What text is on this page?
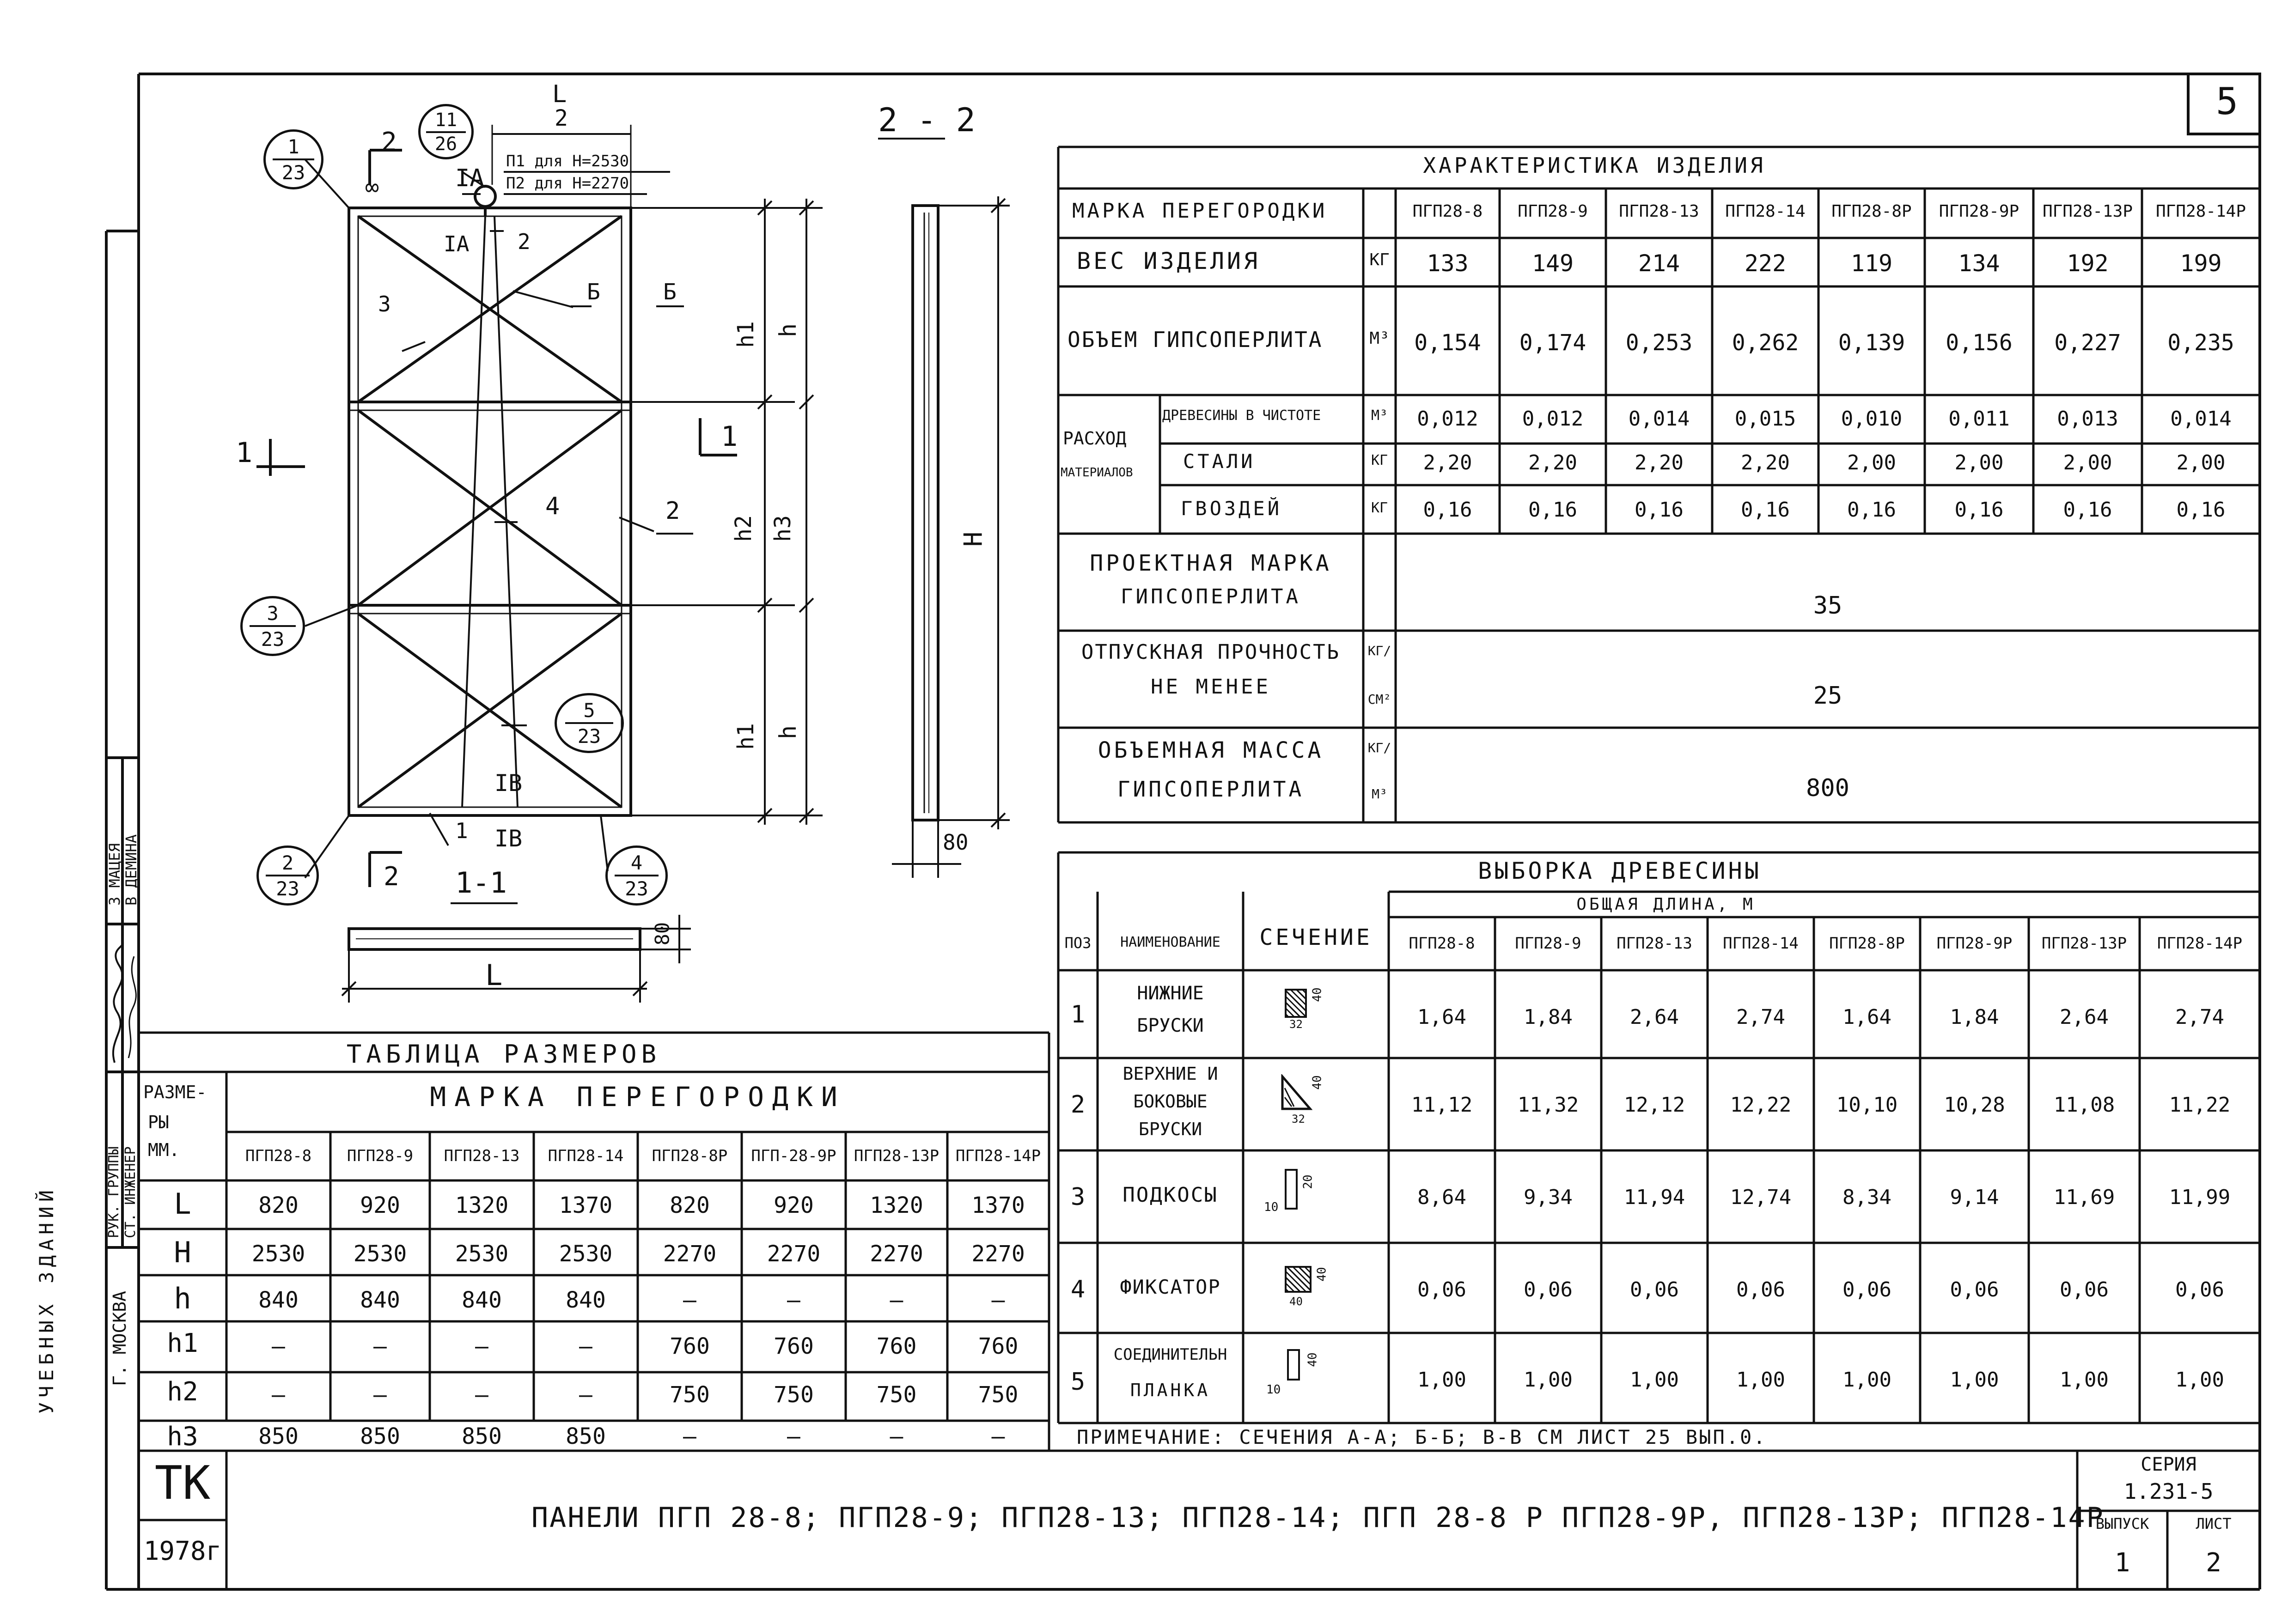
5
2 - 2
1-1
L
2
L
H
h
h
h1
h1
h2 h3
80
80
П1 для Н=2530
П2 для Н=2270
IA
IA
IB
IB
1
2
2
3
4
Б	Б
1	1
2
2
∞
1
23
11
26
3
23
5
23
2
23
4
23
ХАРАКТЕРИСТИКА ИЗДЕЛИЯ
МАРКА ПЕРЕГОРОДКИ	ПГП28-8	ПГП28-9	ПГП28-13	ПГП28-14	ПГП28-8Р	ПГП28-9Р	ПГП28-13Р	ПГП28-14Р
ВЕС ИЗДЕЛИЯ	КГ	133	149	214	222	119	134	192	199
ОБЪЕМ ГИПСОПЕРЛИТА	М³	0,154	0,174	0,253	0,262	0,139	0,156	0,227	0,235
РАСХОД
МАТЕРИАЛОВ
ДРЕВЕСИНЫ В ЧИСТОТЕ	М³	0,012	0,012	0,014	0,015	0,010	0,011	0,013	0,014
СТАЛИ	КГ	2,20	2,20	2,20	2,20	2,00	2,00	2,00	2,00
ГВОЗДЕЙ	КГ	0,16	0,16	0,16	0,16	0,16	0,16	0,16	0,16
ПРОЕКТНАЯ МАРКА
ГИПСОПЕРЛИТА	35
ОТПУСКНАЯ ПРОЧНОСТЬ
НЕ МЕНЕЕ
КГ/
СМ²	25
ОБЪЕМНАЯ МАССА
ГИПСОПЕРЛИТА
КГ/
М³	800
ВЫБОРКА ДРЕВЕСИНЫ
ОБЩАЯ ДЛИНА, М
ПОЗ	НАИМЕНОВАНИЕ	СЕЧЕНИЕ	ПГП28-8	ПГП28-9	ПГП28-13	ПГП28-14	ПГП28-8Р	ПГП28-9Р	ПГП28-13Р	ПГП28-14Р
1
НИЖНИЕ
БРУСКИ
40
32	1,64	1,84	2,64	2,74	1,64	1,84	2,64	2,74
2
ВЕРХНИЕ И
БОКОВЫЕ
БРУСКИ
40
32
11,12	11,32	12,12	12,22	10,10	10,28	11,08	11,22
3	ПОДКОСЫ
20
10	8,64	9,34	11,94	12,74	8,34	9,14	11,69	11,99
4	ФИКСАТОР
40
40	0,06	0,06	0,06	0,06	0,06	0,06	0,06	0,06
5
СОЕДИНИТЕЛЬН
ПЛАНКА
40
10	1,00	1,00	1,00	1,00	1,00	1,00	1,00	1,00
ПРИМЕЧАНИЕ: СЕЧЕНИЯ А-А; Б-Б; В-В СМ ЛИСТ 25 ВЫП.0.
ТАБЛИЦА РАЗМЕРОВ
МАРКА ПЕРЕГОРОДКИ
РАЗМЕ-
РЫ
ММ.	ПГП28-8	ПГП28-9	ПГП28-13	ПГП28-14	ПГП28-8Р	ПГП-28-9Р	ПГП28-13Р	ПГП28-14Р
L	820	920	1320	1370	820	920	1320	1370
H	2530	2530	2530	2530	2270	2270	2270	2270
h	840	840	840	840	—	—	—	—
h1	—	—	—	—	760	760	760	760
h2	—	—	—	—	750	750	750	750
h3	850	850	850	850	—	—	—	—
ТК
1978г
ПАНЕЛИ ПГП 28-8; ПГП28-9; ПГП28-13; ПГП28-14; ПГП 28-8 Р ПГП28-9Р, ПГП28-13Р; ПГП28-14Р
СЕРИЯ
1.231-5
ВЫПУСК
1
ЛИСТ
2
УЧЕБНЫХ ЗДАНИЙ	Г. МОСКВА
РУК. ГРУППЫ СТ. ИНЖЕНЕР
З МАЦЕЯ
В ДЕМИНА
